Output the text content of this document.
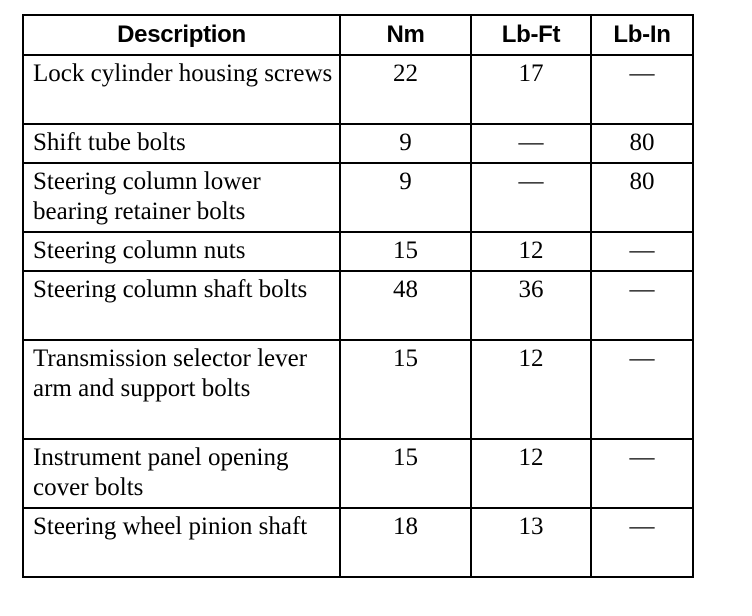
Description	Nm	Lb-Ft	Lb-In
Lock cylinder housing screws	22	17	—
Shift tube bolts	9	—	80
Steering column lower bearing retainer bolts	9	—	80
Steering column nuts	15	12	—
Steering column shaft bolts	48	36	—
Transmission selector lever arm and support bolts	15	12	—
Instrument panel opening cover bolts	15	12	—
Steering wheel pinion shaft	18	13	—
